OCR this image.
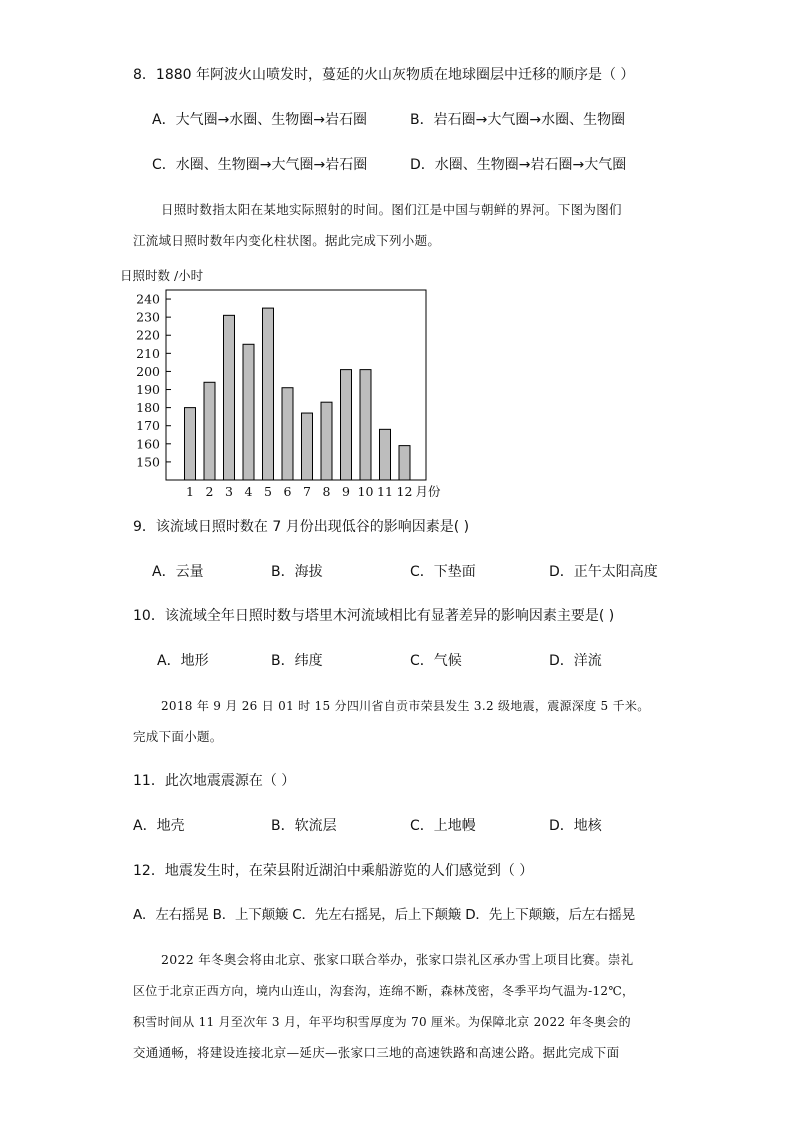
8．1880 年阿波火山喷发时，蔓延的火山灰物质在地球圈层中迁移的顺序是（ ）
A．大气圈→水圈、生物圈→岩石圈	B．岩石圈→大气圈→水圈、生物圈
C．水圈、生物圈→大气圈→岩石圈	D．水圈、生物圈→岩石圈→大气圈
日照时数指太阳在某地实际照射的时间。图们江是中国与朝鲜的界河。下图为图们
江流域日照时数年内变化柱状图。据此完成下列小题。
日照时数 /小时
150
160
170
180
190
200
210
220
230
240
1 2 3 4 5 6 7 8 9 10 11 12 月份
9．该流域日照时数在 7 月份出现低谷的影响因素是( )
A．云量	B．海拔	C．下垫面	D．正午太阳高度
10．该流域全年日照时数与塔里木河流域相比有显著差异的影响因素主要是( )
A．地形	B．纬度	C．气候	D．洋流
2018 年 9 月 26 日 01 时 15 分四川省自贡市荣县发生 3.2 级地震，震源深度 5 千米。
完成下面小题。
11．此次地震震源在（ ）
A．地壳	B．软流层	C．上地幔	D．地核
12．地震发生时，在荣县附近湖泊中乘船游览的人们感觉到（ ）
A．左右摇晃 B．上下颠簸 C．先左右摇晃，后上下颠簸 D．先上下颠簸，后左右摇晃
2022 年冬奥会将由北京、张家口联合举办，张家口崇礼区承办雪上项目比赛。崇礼
区位于北京正西方向，境内山连山，沟套沟，连绵不断，森林茂密，冬季平均气温为-12℃，
积雪时间从 11 月至次年 3 月，年平均积雪厚度为 70 厘米。为保障北京 2022 年冬奥会的
交通通畅，将建设连接北京—延庆—张家口三地的高速铁路和高速公路。据此完成下面
